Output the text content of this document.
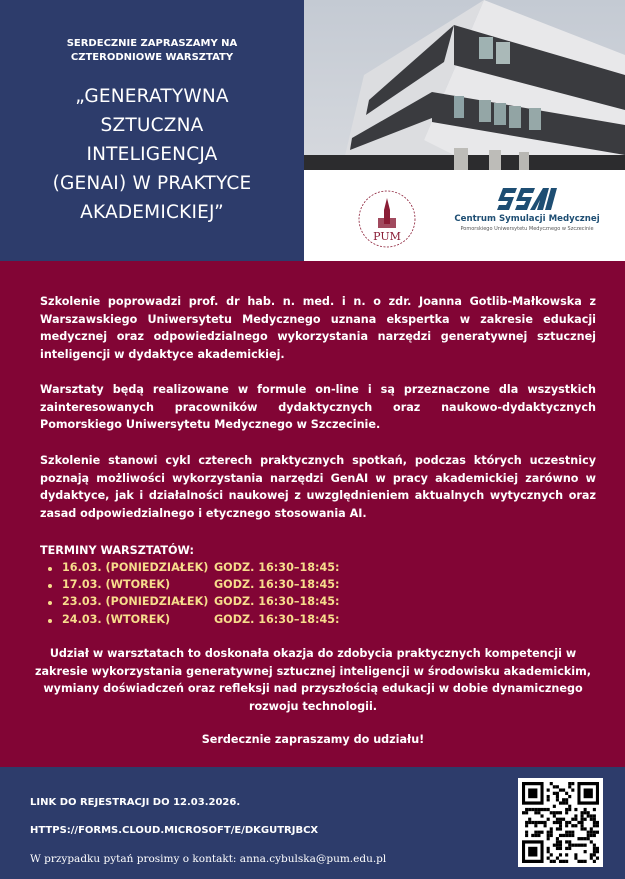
SERDECZNIE ZAPRASZAMY NA
CZTERODNIOWE WARSZTATY
„GENERATYWNA
SZTUCZNA
INTELIGENCJA
(GENAI) W PRAKTYCE
AKADEMICKIEJ”
PUM
Centrum Symulacji Medycznej
Pomorskiego Uniwersytetu Medycznego w Szczecinie

Szkolenie poprowadzi prof. dr hab. n. med. i n. o zdr. Joanna Gotlib-Małkowska z Warszawskiego Uniwersytetu Medycznego uznana ekspertka w zakresie edukacji medycznej oraz odpowiedzialnego wykorzystania narzędzi generatywnej sztucznej inteligencji w dydaktyce akademickiej.

Warsztaty będą realizowane w formule on-line i są przeznaczone dla wszystkich zainteresowanych pracowników dydaktycznych oraz naukowo-dydaktycznych Pomorskiego Uniwersytetu Medycznego w Szczecinie.

Szkolenie stanowi cykl czterech praktycznych spotkań, podczas których uczestnicy poznają możliwości wykorzystania narzędzi GenAI w pracy akademickiej zarówno w dydaktyce, jak i działalności naukowej z uwzględnieniem aktualnych wytycznych oraz zasad odpowiedzialnego i etycznego stosowania AI.

TERMINY WARSZTATÓW:
16.03. (PONIEDZIAŁEK) GODZ. 16:30–18:45:
17.03. (WTOREK)	GODZ. 16:30–18:45:
23.03. (PONIEDZIAŁEK) GODZ. 16:30–18:45:
24.03. (WTOREK)	GODZ. 16:30–18:45:

Udział w warsztatach to doskonała okazja do zdobycia praktycznych kompetencji w zakresie wykorzystania generatywnej sztucznej inteligencji w środowisku akademickim, wymiany doświadczeń oraz refleksji nad przyszłością edukacji w dobie dynamicznego rozwoju technologii.

Serdecznie zapraszamy do udziału!

LINK DO REJESTRACJI DO 12.03.2026.
HTTPS://FORMS.CLOUD.MICROSOFT/E/DKGUTRJBCX
W przypadku pytań prosimy o kontakt: anna.cybulska@pum.edu.pl
